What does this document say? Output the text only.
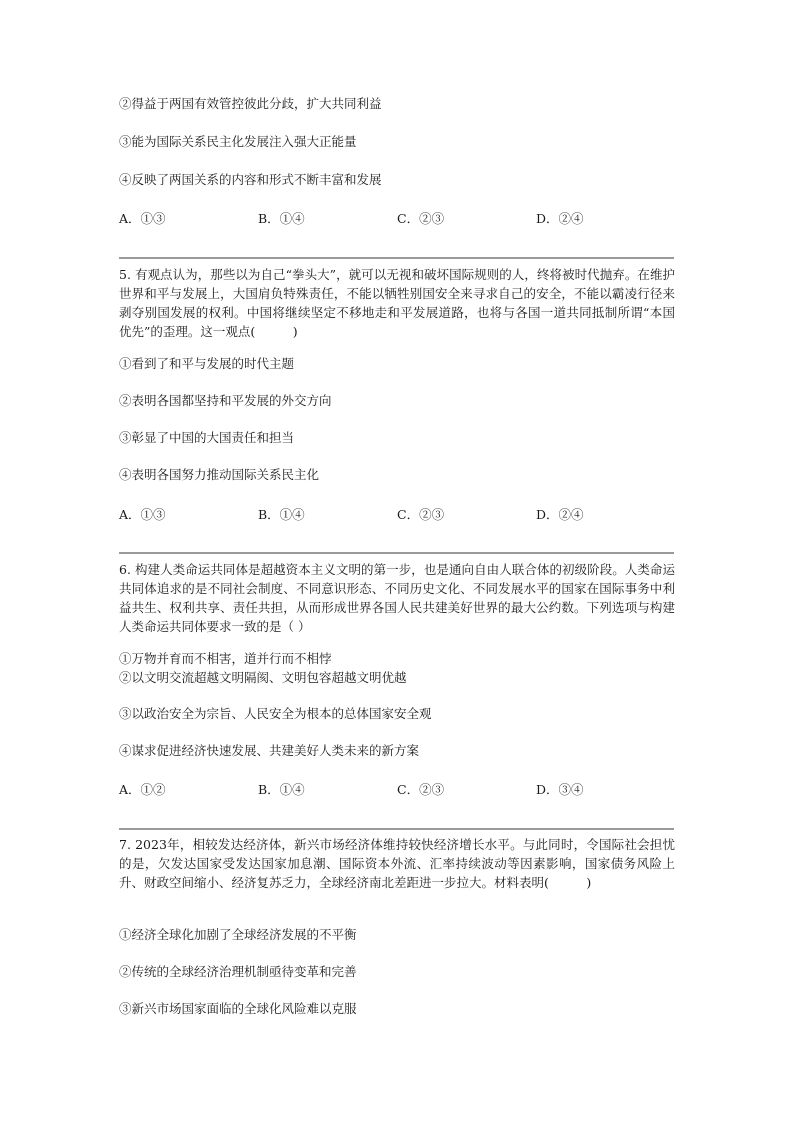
②得益于两国有效管控彼此分歧，扩大共同利益
③能为国际关系民主化发展注入强大正能量
④反映了两国关系的内容和形式不断丰富和发展
A．①③	B．①④	C．②③	D．②④
5. 有观点认为，那些以为自己“拳头大”，就可以无视和破坏国际规则的人，终将被时代抛弃。在维护世界和平与发展上，大国肩负特殊责任，不能以牺牲别国安全来寻求自己的安全，不能以霸凌行径来剥夺别国发展的权利。中国将继续坚定不移地走和平发展道路，也将与各国一道共同抵制所谓“本国优先”的歪理。这一观点(　　　)
①看到了和平与发展的时代主题
②表明各国都坚持和平发展的外交方向
③彰显了中国的大国责任和担当
④表明各国努力推动国际关系民主化
A．①③	B．①④	C．②③	D．②④
6. 构建人类命运共同体是超越资本主义文明的第一步，也是通向自由人联合体的初级阶段。人类命运共同体追求的是不同社会制度、不同意识形态、不同历史文化、不同发展水平的国家在国际事务中利益共生、权利共享、责任共担，从而形成世界各国人民共建美好世界的最大公约数。下列选项与构建人类命运共同体要求一致的是（ ）
①万物并育而不相害，道并行而不相悖
②以文明交流超越文明隔阂、文明包容超越文明优越
③以政治安全为宗旨、人民安全为根本的总体国家安全观
④谋求促进经济快速发展、共建美好人类未来的新方案
A．①②	B．①④	C．②③	D．③④
7. 2023年，相较发达经济体，新兴市场经济体维持较快经济增长水平。与此同时，令国际社会担忧的是，欠发达国家受发达国家加息潮、国际资本外流、汇率持续波动等因素影响，国家债务风险上升、财政空间缩小、经济复苏乏力，全球经济南北差距进一步拉大。材料表明(　　　)
①经济全球化加剧了全球经济发展的不平衡
②传统的全球经济治理机制亟待变革和完善
③新兴市场国家面临的全球化风险难以克服
